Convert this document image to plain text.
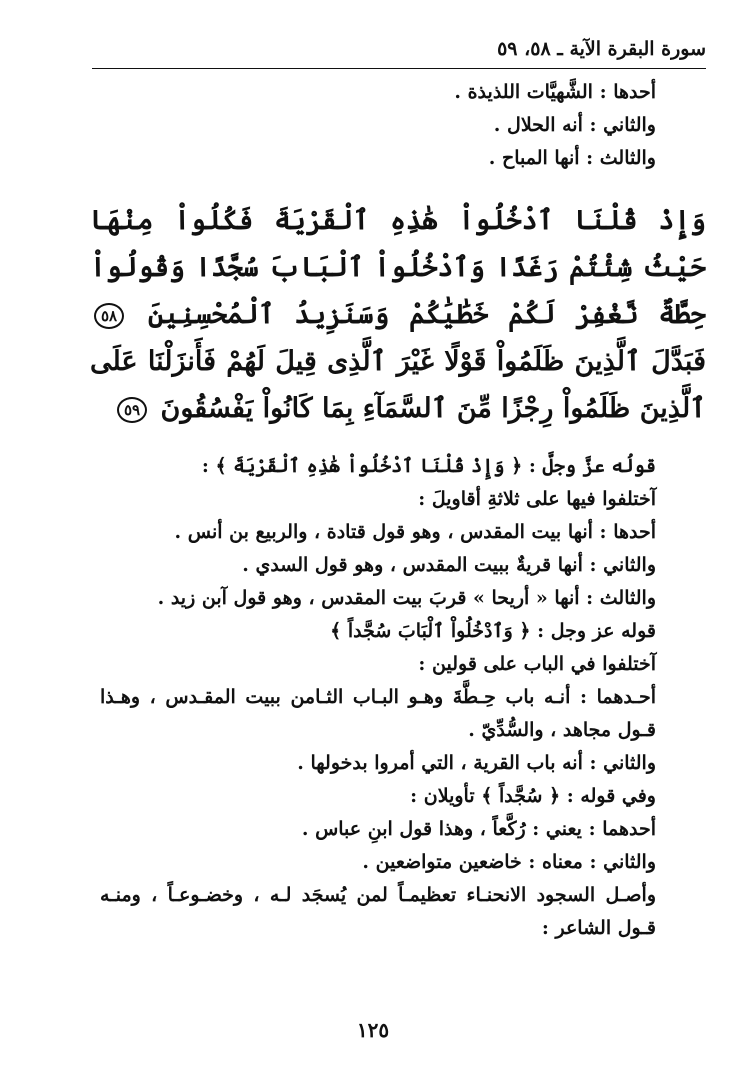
سورة البقرة الآية ـ ٥٨، ٥٩
أحدها : الشَّهيَّات اللذيذة .
والثاني : أنه الحلال .
والثالث : أنها المباح .
وَإِذْ قُلْنَا ٱدْخُلُواْ هَٰذِهِ ٱلْقَرْيَةَ فَكُلُواْ مِنْهَا حَيْثُ شِئْتُمْ رَغَدًا وَٱدْخُلُواْ ٱلْبَابَ سُجَّدًا وَقُولُواْ حِطَّةٌ نَّغْفِرْ لَكُمْ خَطَٰيَٰكُمْ وَسَنَزِيدُ ٱلْمُحْسِنِينَ ٥٨ فَبَدَّلَ ٱلَّذِينَ ظَلَمُواْ قَوْلًا غَيْرَ ٱلَّذِى قِيلَ لَهُمْ فَأَنزَلْنَا عَلَى ٱلَّذِينَ ظَلَمُواْ رِجْزًا مِّنَ ٱلسَّمَآءِ بِمَا كَانُواْ يَفْسُقُونَ ٥٩
قولُه عزَّ وجلَّ : ﴿ وَإِذْ قُلْنَا ٱدْخُلُواْ هَٰذِهِ ٱلْقَرْيَةَ ﴾ :
آختلفوا فيها على ثلاثةِ أقاويلَ :
أحدها : أنها بيت المقدس ، وهو قول قتادة ، والربيع بن أنس .
والثاني : أنها قريةٌ ببيت المقدس ، وهو قول السدي .
والثالث : أنها « أريحا » قربَ بيت المقدس ، وهو قول آبن زيد .
قوله عز وجل : ﴿ وَٱدْخُلُواْ ٱلْبَابَ سُجَّداً ﴾
آختلفوا في الباب على قولين :
أحـدهما : أنـه باب حِـطَّةَ وهـو البـاب الثـامن ببيت المقـدس ، وهـذا قـول مجاهد ، والسُّدِّيّ .
والثاني : أنه باب القرية ، التي أمروا بدخولها .
وفي قوله : ﴿ سُجَّداً ﴾ تأويلان :
أحدهما : يعني : رُكَّعاً ، وهذا قول ابنِ عباس .
والثاني : معناه : خاضعين متواضعين .
وأصـل السجود الانحنـاء تعظيمـاً لمن يُسجَد لـه ، وخضـوعـاً ، ومنـه قـول الشاعر :
١٢٥
